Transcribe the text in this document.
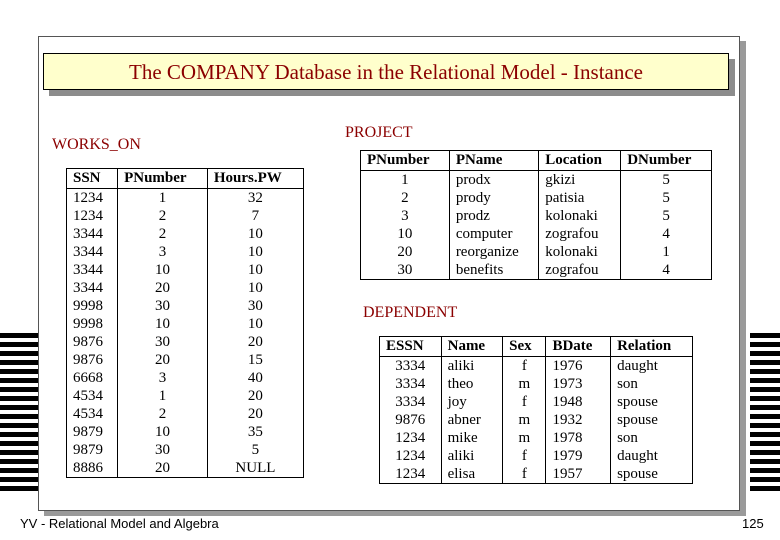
The COMPANY Database in the Relational Model - Instance
WORKS_ON
PROJECT
DEPENDENT
SSN	PNumber	Hours.PW
1234	1	32
1234	2	7
3344	2	10
3344	3	10
3344	10	10
3344	20	10
9998	30	30
9998	10	10
9876	30	20
9876	20	15
6668	3	40
4534	1	20
4534	2	20
9879	10	35
9879	30	5
8886	20	NULL
PNumber	PName	Location	DNumber
1	prodx	gkizi	5
2	prody	patisia	5
3	prodz	kolonaki	5
10	computer	zografou	4
20	reorganize	kolonaki	1
30	benefits	zografou	4
ESSN	Name	Sex	BDate	Relation
3334	aliki	f	1976	daught
3334	theo	m	1973	son
3334	joy	f	1948	spouse
9876	abner	m	1932	spouse
1234	mike	m	1978	son
1234	aliki	f	1979	daught
1234	elisa	f	1957	spouse
YV - Relational Model and Algebra	125
